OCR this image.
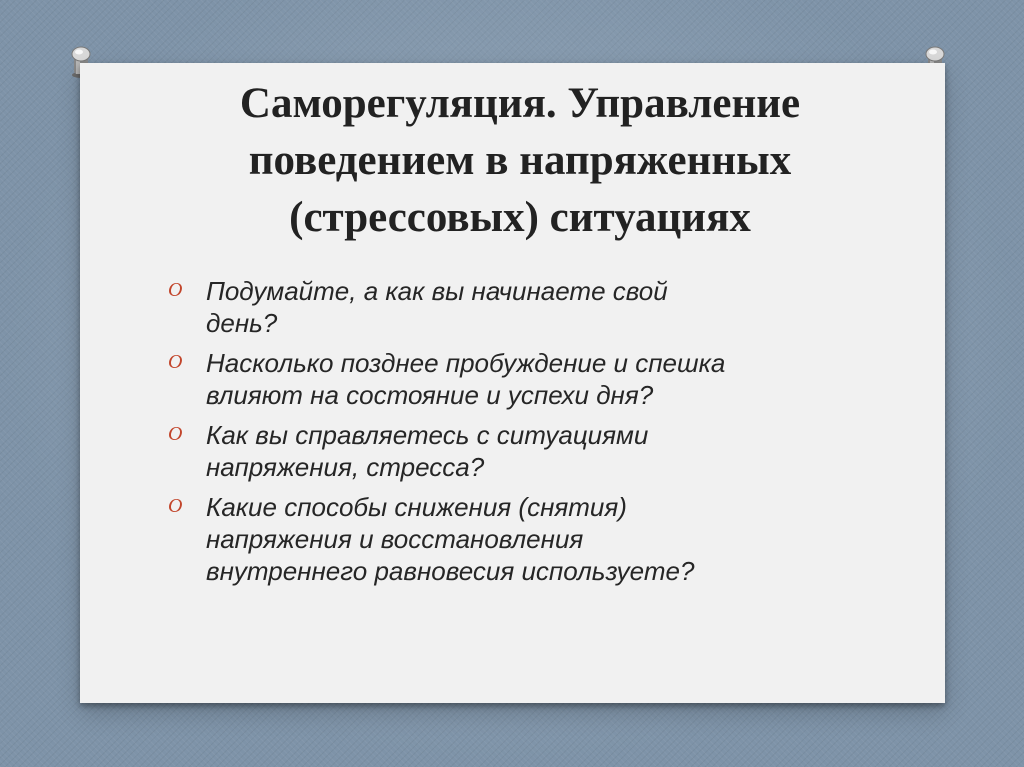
Саморегуляция. Управление
поведением в напряженных
(стрессовых) ситуациях
O Подумайте, а как вы начинаете свой
день?
O Насколько позднее пробуждение и спешка
влияют на состояние и успехи дня?
O Как вы справляетесь с ситуациями
напряжения, стресса?
O Какие способы снижения (снятия)
напряжения и восстановления
внутреннего равновесия используете?
